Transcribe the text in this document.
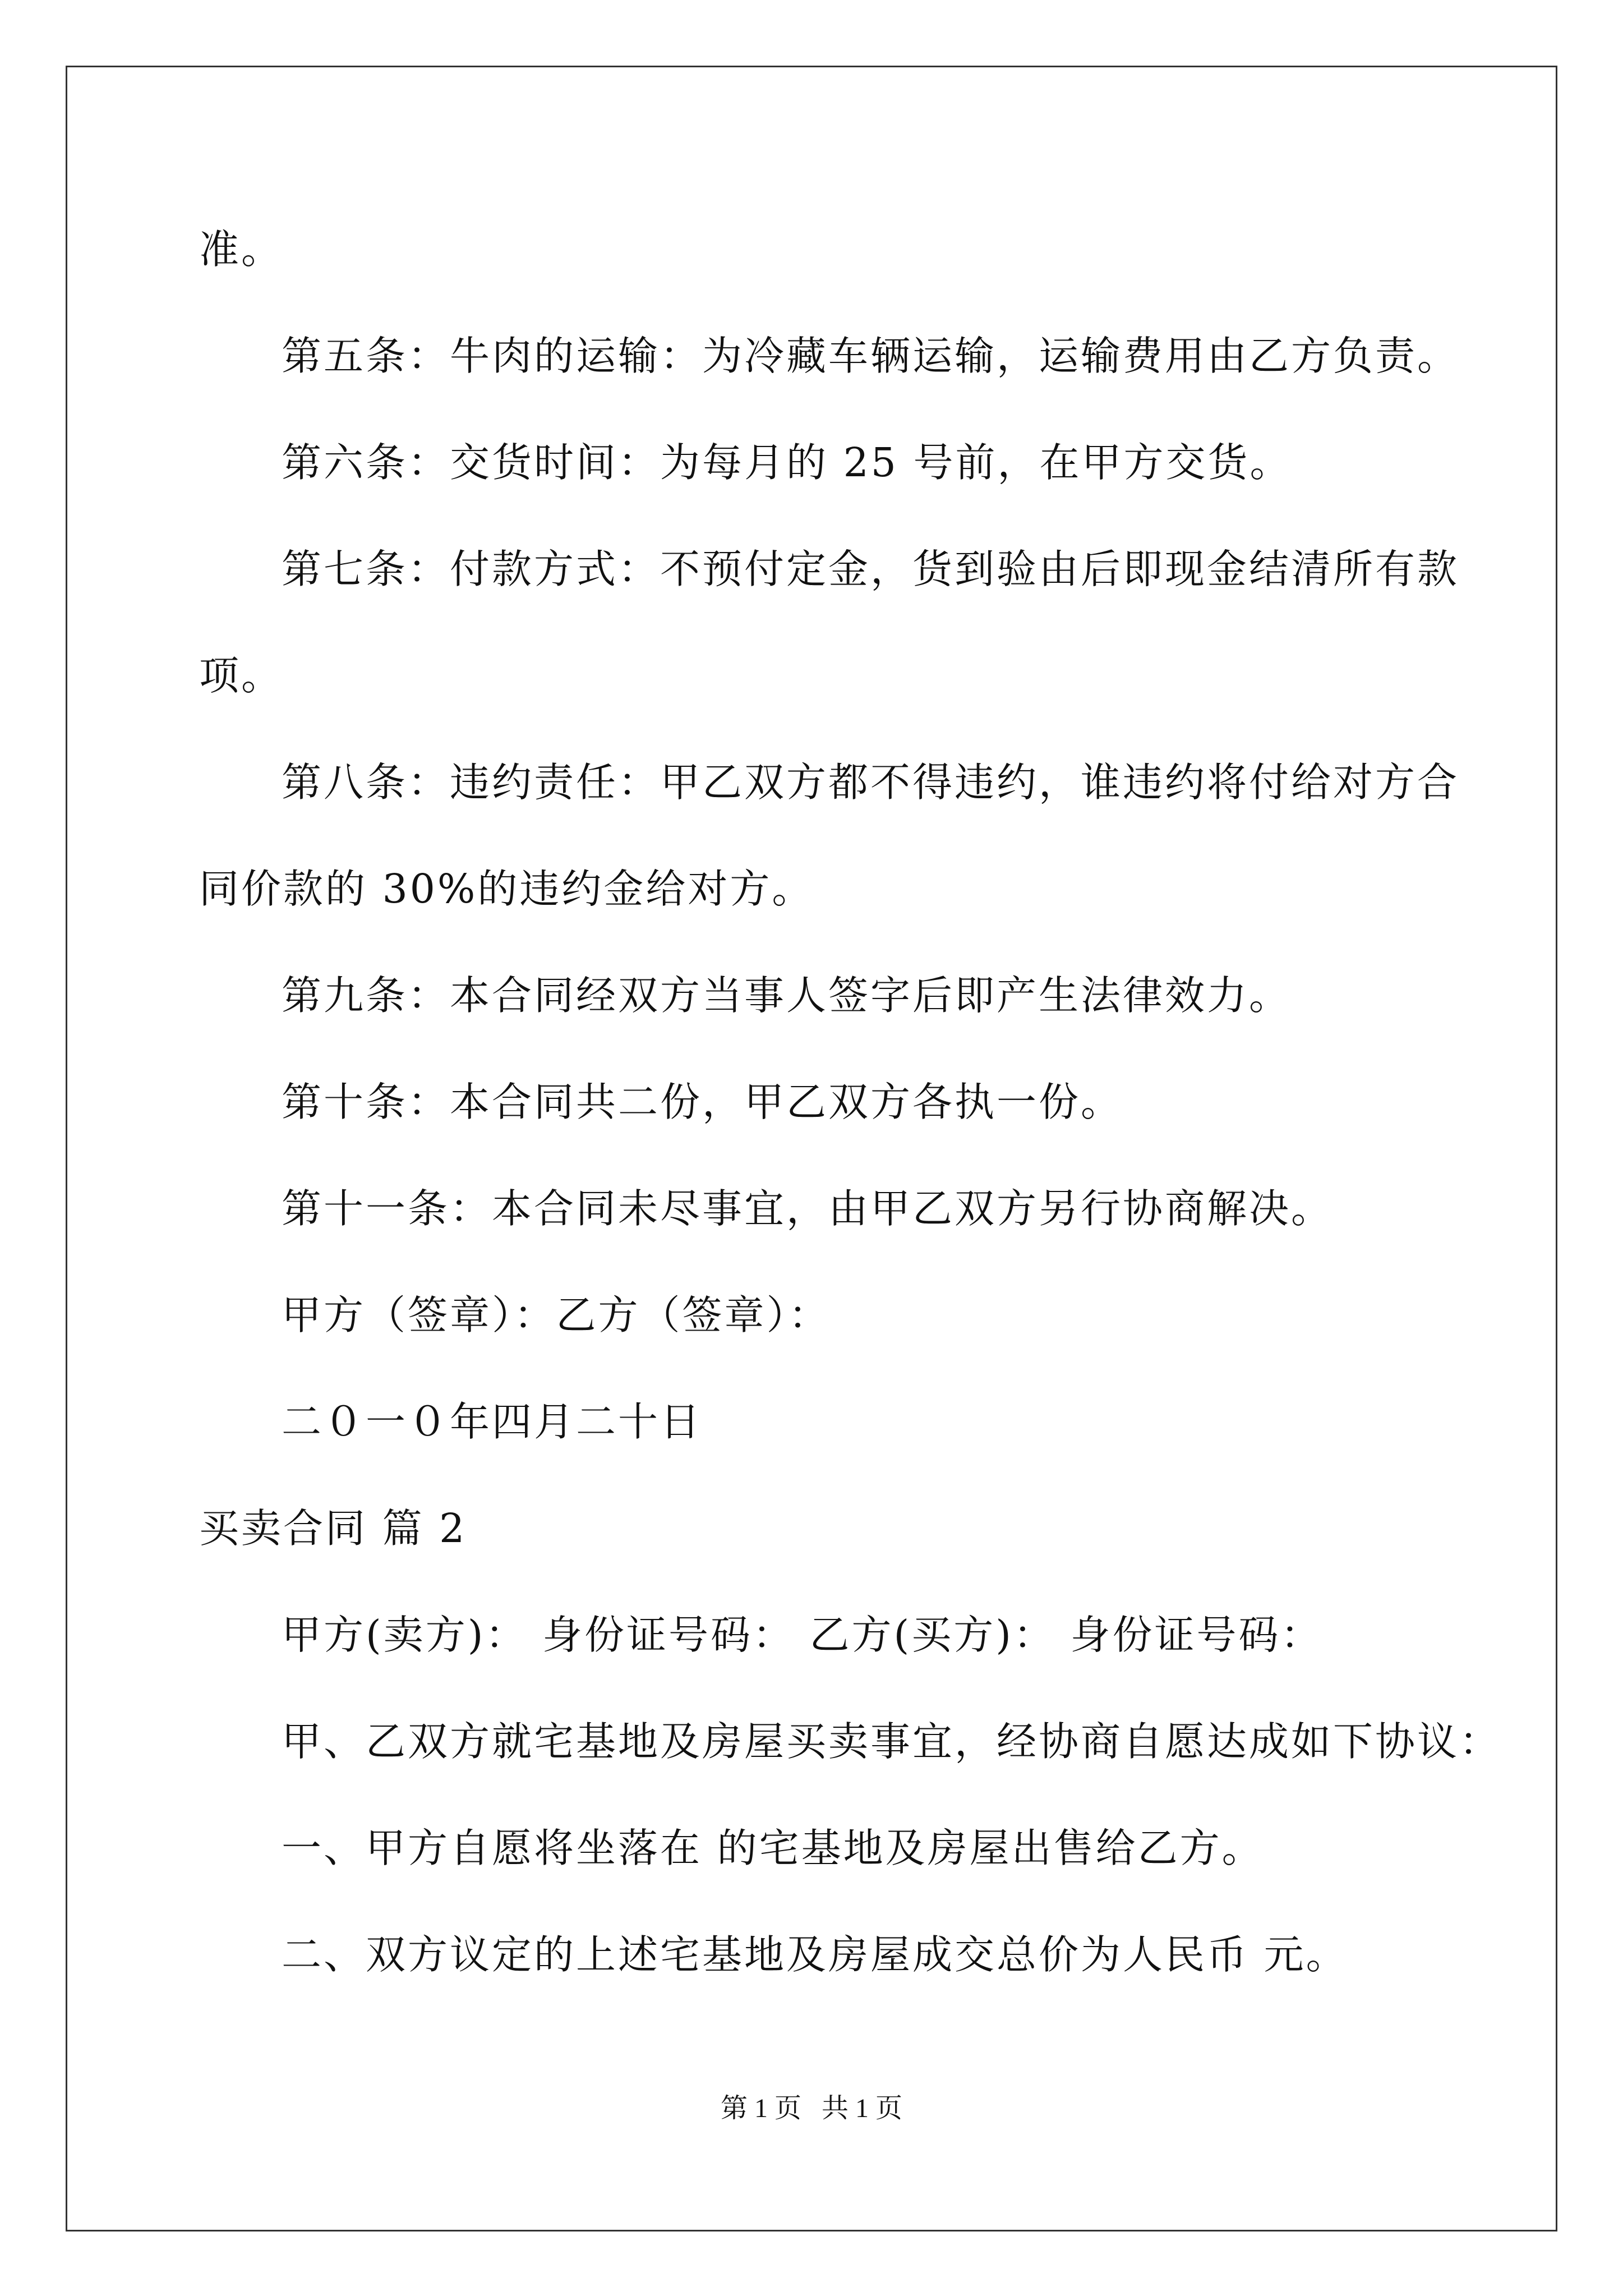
准。
第五条：牛肉的运输：为冷藏车辆运输，运输费用由乙方负责。
第六条：交货时间：为每月的 25 号前，在甲方交货。
第七条：付款方式：不预付定金，货到验由后即现金结清所有款
项。
第八条：违约责任：甲乙双方都不得违约，谁违约将付给对方合
同价款的 30%的违约金给对方。
第九条：本合同经双方当事人签字后即产生法律效力。
第十条：本合同共二份，甲乙双方各执一份。
第十一条：本合同未尽事宜，由甲乙双方另行协商解决。
甲方（签章）：乙方（签章）：
二０一０年四月二十日
买卖合同 篇 2
甲方(卖方)： 身份证号码： 乙方(买方)： 身份证号码：
甲、乙双方就宅基地及房屋买卖事宜，经协商自愿达成如下协议：
一、甲方自愿将坐落在 的宅基地及房屋出售给乙方。
二、双方议定的上述宅基地及房屋成交总价为人民币 元。
第 1 页   共 1 页
